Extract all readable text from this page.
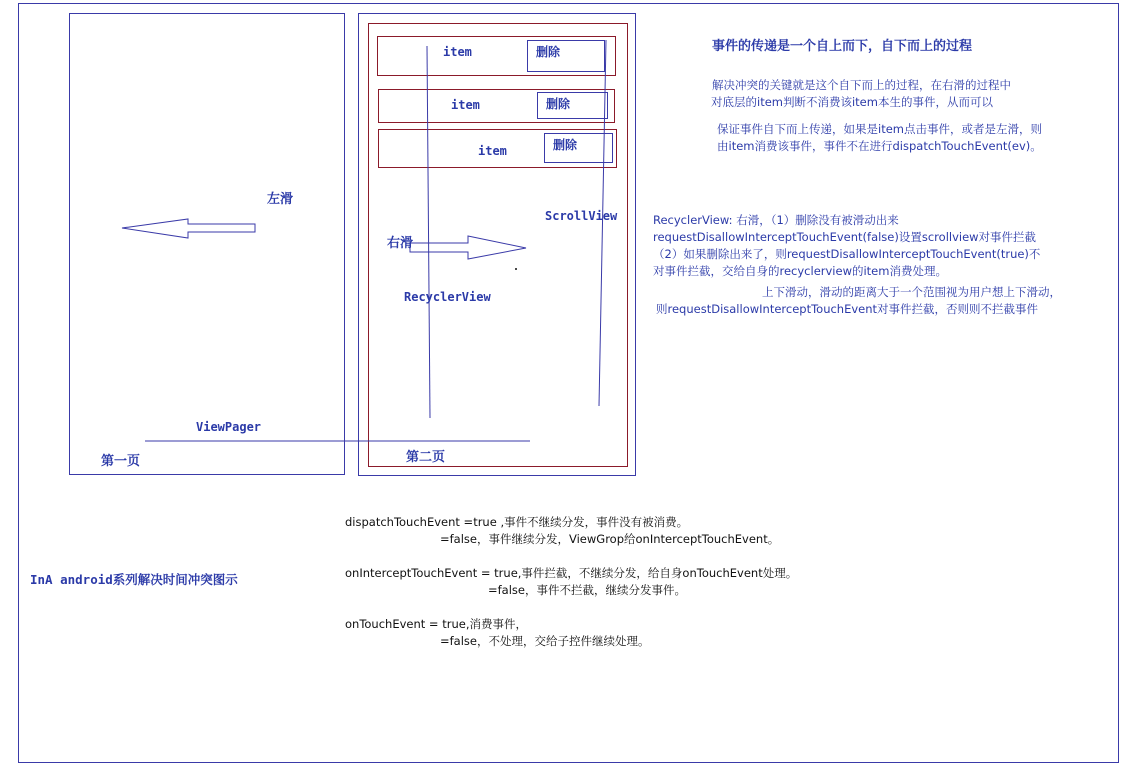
item
item
item
删除
删除
删除
左滑
右滑
ScrollView
RecyclerView
ViewPager
第一页	第二页
InA android系列解决时间冲突图示
事件的传递是一个自上而下，自下而上的过程
解决冲突的关键就是这个自下而上的过程，在右滑的过程中
对底层的item判断不消费该item本生的事件，从而可以
保证事件自下而上传递，如果是item点击事件，或者是左滑，则
由item消费该事件，事件不在进行dispatchTouchEvent(ev)。
RecyclerView: 右滑，（1）删除没有被滑动出来
requestDisallowInterceptTouchEvent(false)设置scrollview对事件拦截
（2）如果删除出来了，则requestDisallowInterceptTouchEvent(true)不
对事件拦截，交给自身的recyclerview的item消费处理。
上下滑动，滑动的距离大于一个范围视为用户想上下滑动，
则requestDisallowInterceptTouchEvent对事件拦截，否则则不拦截事件
dispatchTouchEvent =true ,事件不继续分发，事件没有被消费。
=false，事件继续分发，ViewGrop给onInterceptTouchEvent。
onInterceptTouchEvent = true,事件拦截，不继续分发，给自身onTouchEvent处理。
=false，事件不拦截，继续分发事件。
onTouchEvent = true,消费事件，
=false，不处理，交给子控件继续处理。
